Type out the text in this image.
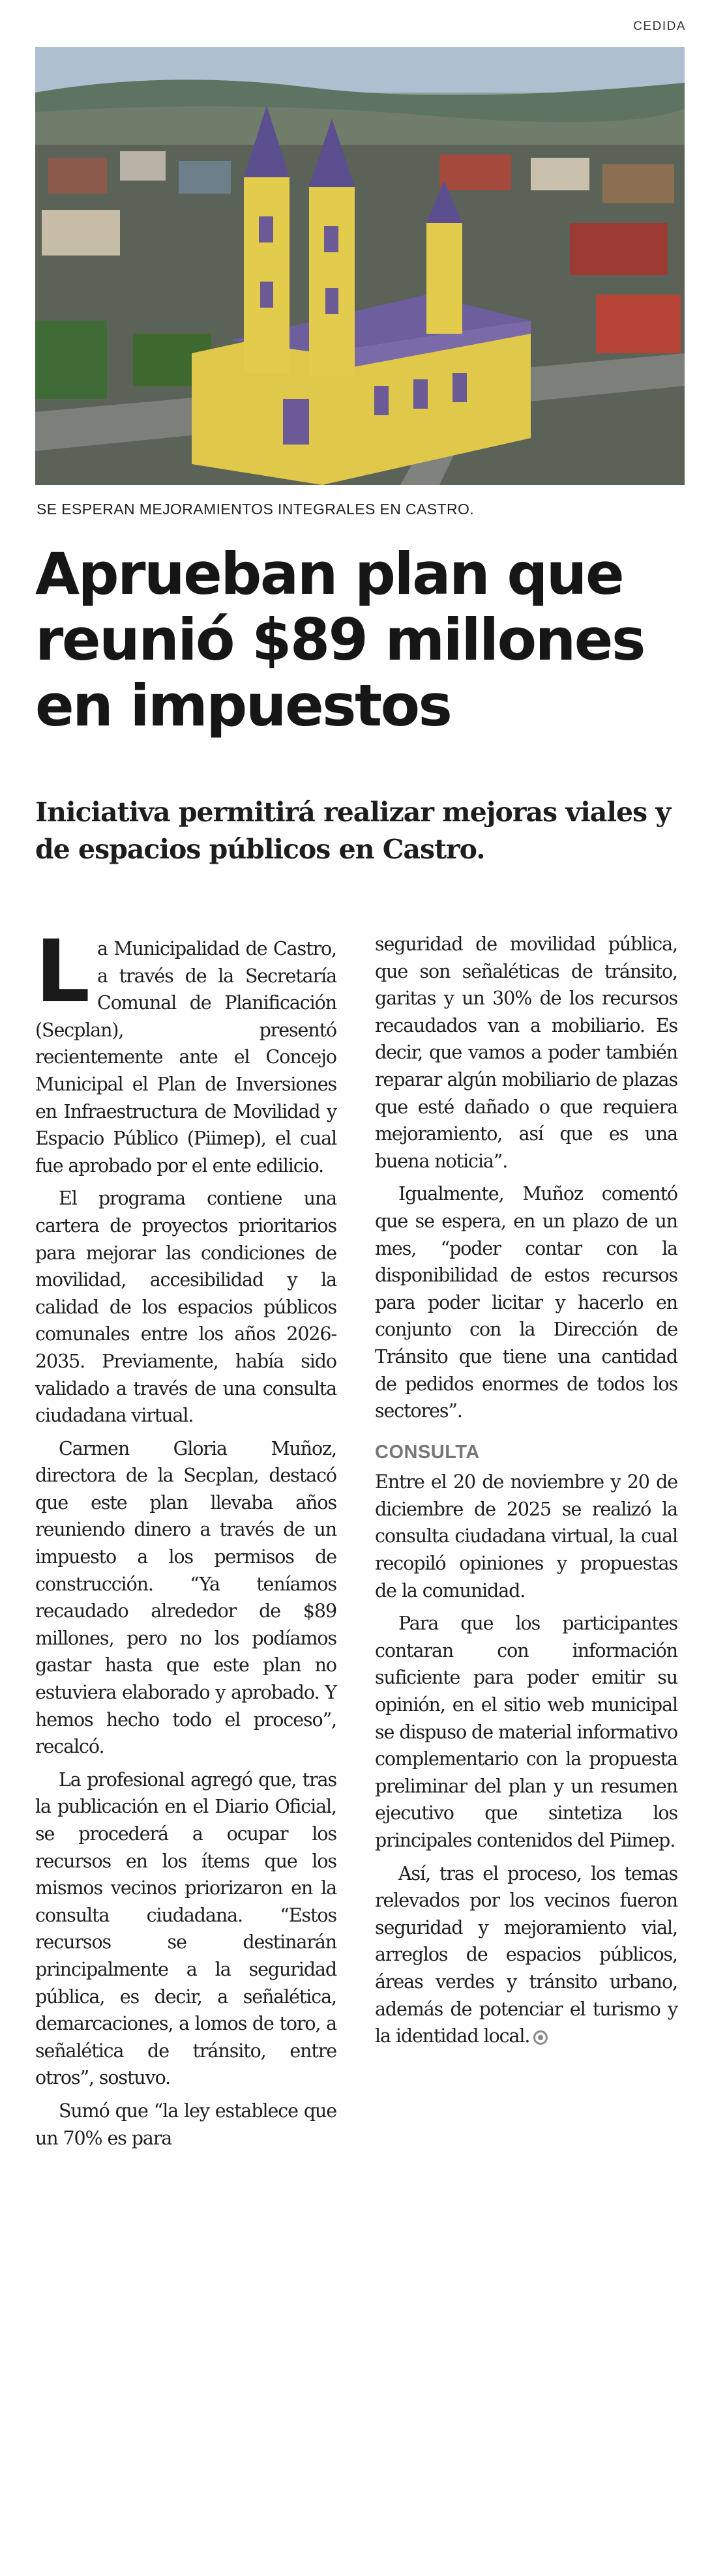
CEDIDA
SE ESPERAN MEJORAMIENTOS INTEGRALES EN CASTRO.
Aprueban plan que reunió $89 millones en impuestos
Iniciativa permitirá realizar mejoras viales y de espacios públicos en Castro.

La Municipalidad de Castro, a través de la Secretaría Comunal de Planificación (Secplan), presentó recientemente ante el Concejo Municipal el Plan de Inversiones en Infraestructura de Movilidad y Espacio Público (Piimep), el cual fue aprobado por el ente edilicio.

El programa contiene una cartera de proyectos prioritarios para mejorar las condiciones de movilidad, accesibilidad y la calidad de los espacios públicos comunales entre los años 2026-2035. Previamente, había sido validado a través de una consulta ciudadana virtual.

Carmen Gloria Muñoz, directora de la Secplan, destacó que este plan llevaba años reuniendo dinero a través de un impuesto a los permisos de construcción. “Ya teníamos recaudado alrededor de $89 millones, pero no los podíamos gastar hasta que este plan no estuviera elaborado y aprobado. Y hemos hecho todo el proceso”, recalcó.

La profesional agregó que, tras la publicación en el Diario Oficial, se procederá a ocupar los recursos en los ítems que los mismos vecinos priorizaron en la consulta ciudadana. “Estos recursos se destinarán principalmente a la seguridad pública, es decir, a señalética, demarcaciones, a lomos de toro, a señalética de tránsito, entre otros”, sostuvo.

Sumó que “la ley establece que un 70% es para

seguridad de movilidad pública, que son señaléticas de tránsito, garitas y un 30% de los recursos recaudados van a mobiliario. Es decir, que vamos a poder también reparar algún mobiliario de plazas que esté dañado o que requiera mejoramiento, así que es una buena noticia”.

Igualmente, Muñoz comentó que se espera, en un plazo de un mes, “poder contar con la disponibilidad de estos recursos para poder licitar y hacerlo en conjunto con la Dirección de Tránsito que tiene una cantidad de pedidos enormes de todos los sectores”.

CONSULTA

Entre el 20 de noviembre y 20 de diciembre de 2025 se realizó la consulta ciudadana virtual, la cual recopiló opiniones y propuestas de la comunidad.

Para que los participantes contaran con información suficiente para poder emitir su opinión, en el sitio web municipal se dispuso de material informativo complementario con la propuesta preliminar del plan y un resumen ejecutivo que sintetiza los principales contenidos del Piimep.

Así, tras el proceso, los temas relevados por los vecinos fueron seguridad y mejoramiento vial, arreglos de espacios públicos, áreas verdes y tránsito urbano, además de potenciar el turismo y la identidad local.
